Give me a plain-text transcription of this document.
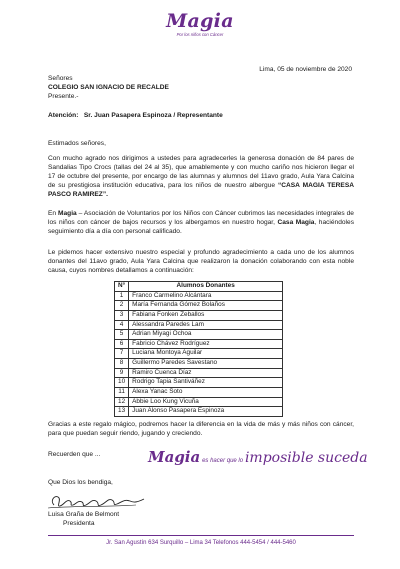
Magia
Por los niños con Cáncer
Lima, 05 de noviembre de 2020
Señores
COLEGIO SAN IGNACIO DE RECALDE
Presente.-
Atención: Sr. Juan Pasapera Espinoza / Representante
Estimados señores,
Con mucho agrado nos dirigimos a ustedes para agradecerles la generosa donación de 84 pares de Sandalias Tipo Crocs (tallas del 24 al 35), que amablemente y con mucho cariño nos hicieron llegar el 17 de octubre del presente, por encargo de las alumnas y alumnos del 11avo grado, Aula Yara Calcina de su prestigiosa institución educativa, para los niños de nuestro albergue “CASA MAGIA TERESA PASCO RAMIREZ”.
En Magia – Asociación de Voluntarios por los Niños con Cáncer cubrimos las necesidades integrales de los niños con cáncer de bajos recursos y los albergamos en nuestro hogar, Casa Magia, haciéndoles seguimiento día a día con personal calificado.
Le pidemos hacer extensivo nuestro especial y profundo agradecimiento a cada uno de los alumnos donantes del 11avo grado, Aula Yara Calcina que realizaron la donación colaborando con esta noble causa, cuyos nombres detallamos a continuación:
N°	Alumnos Donantes
1	Franco Carmelino Alcántara
2	María Fernanda Gómez Bolaños
3	Fabiana Fonken Zeballos
4	Alessandra Paredes Lam
5	Adrian Miyagi Ochoa
6	Fabricio Chávez Rodríguez
7	Luciana Montoya Aguilar
8	Guillermo Paredes Savestano
9	Ramiro Cuenca Díaz
10	Rodrigo Tapia Santiváñez
11	Alexa Yanac Soto
12	Abbie Loo Kung Vicuña
13	Juan Alonso Pasapera Espinoza
Gracias a este regalo mágico, podremos hacer la diferencia en la vida de más y más niños con cáncer, para que puedan seguir riendo, jugando y creciendo.
Recuerden que ...	Magia es hacer que lo imposible suceda
Que Dios los bendiga,
Luisa Graña de Belmont
Presidenta
Jr. San Agustín 634 Surquillo – Lima 34 Telefonos 444-5454 / 444-5460
